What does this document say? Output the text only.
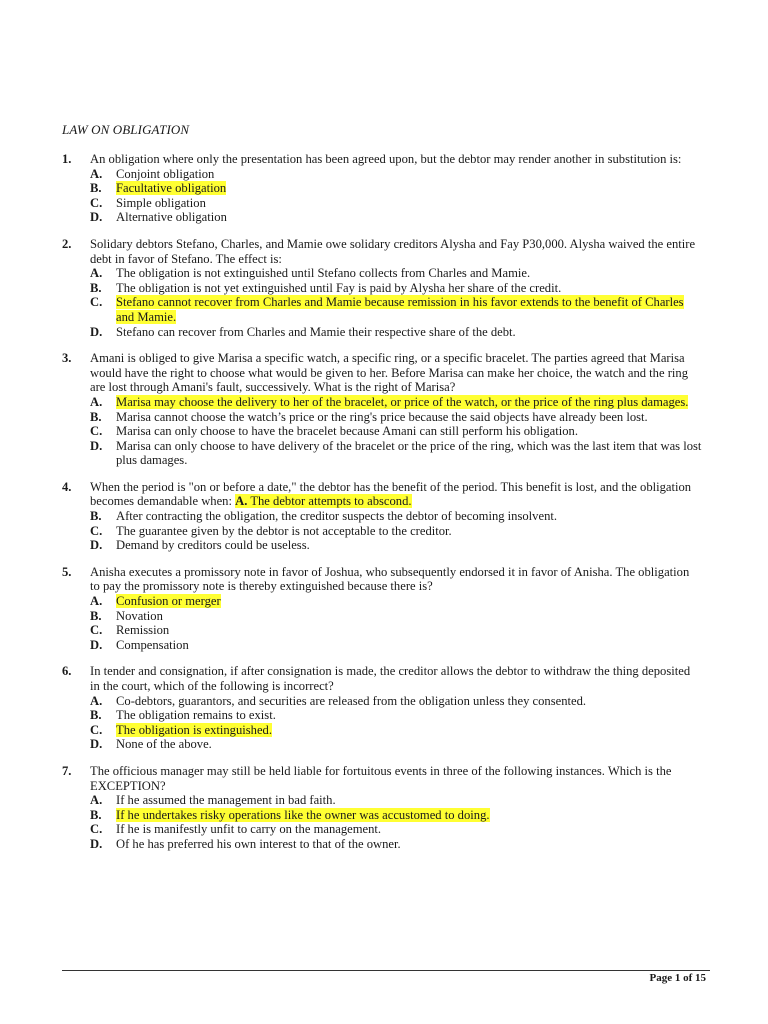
LAW ON OBLIGATION
1. An obligation where only the presentation has been agreed upon, but the debtor may render another in substitution is:
A. Conjoint obligation
B. Facultative obligation
C. Simple obligation
D. Alternative obligation
2. Solidary debtors Stefano, Charles, and Mamie owe solidary creditors Alysha and Fay P30,000. Alysha waived the entire debt in favor of Stefano. The effect is:
A. The obligation is not extinguished until Stefano collects from Charles and Mamie.
B. The obligation is not yet extinguished until Fay is paid by Alysha her share of the credit.
C. Stefano cannot recover from Charles and Mamie because remission in his favor extends to the benefit of Charles and Mamie.
D. Stefano can recover from Charles and Mamie their respective share of the debt.
3. Amani is obliged to give Marisa a specific watch, a specific ring, or a specific bracelet. The parties agreed that Marisa would have the right to choose what would be given to her. Before Marisa can make her choice, the watch and the ring are lost through Amani's fault, successively. What is the right of Marisa?
A. Marisa may choose the delivery to her of the bracelet, or price of the watch, or the price of the ring plus damages.
B. Marisa cannot choose the watch’s price or the ring's price because the said objects have already been lost.
C. Marisa can only choose to have the bracelet because Amani can still perform his obligation.
D. Marisa can only choose to have delivery of the bracelet or the price of the ring, which was the last item that was lost plus damages.
4. When the period is "on or before a date," the debtor has the benefit of the period. This benefit is lost, and the obligation becomes demandable when: A. The debtor attempts to abscond.
B. After contracting the obligation, the creditor suspects the debtor of becoming insolvent.
C. The guarantee given by the debtor is not acceptable to the creditor.
D. Demand by creditors could be useless.
5. Anisha executes a promissory note in favor of Joshua, who subsequently endorsed it in favor of Anisha. The obligation to pay the promissory note is thereby extinguished because there is?
A. Confusion or merger
B. Novation
C. Remission
D. Compensation
6. In tender and consignation, if after consignation is made, the creditor allows the debtor to withdraw the thing deposited in the court, which of the following is incorrect?
A. Co-debtors, guarantors, and securities are released from the obligation unless they consented.
B. The obligation remains to exist.
C. The obligation is extinguished.
D. None of the above.
7. The officious manager may still be held liable for fortuitous events in three of the following instances. Which is the EXCEPTION?
A. If he assumed the management in bad faith.
B. If he undertakes risky operations like the owner was accustomed to doing.
C. If he is manifestly unfit to carry on the management.
D. Of he has preferred his own interest to that of the owner.
Page 1 of 15
